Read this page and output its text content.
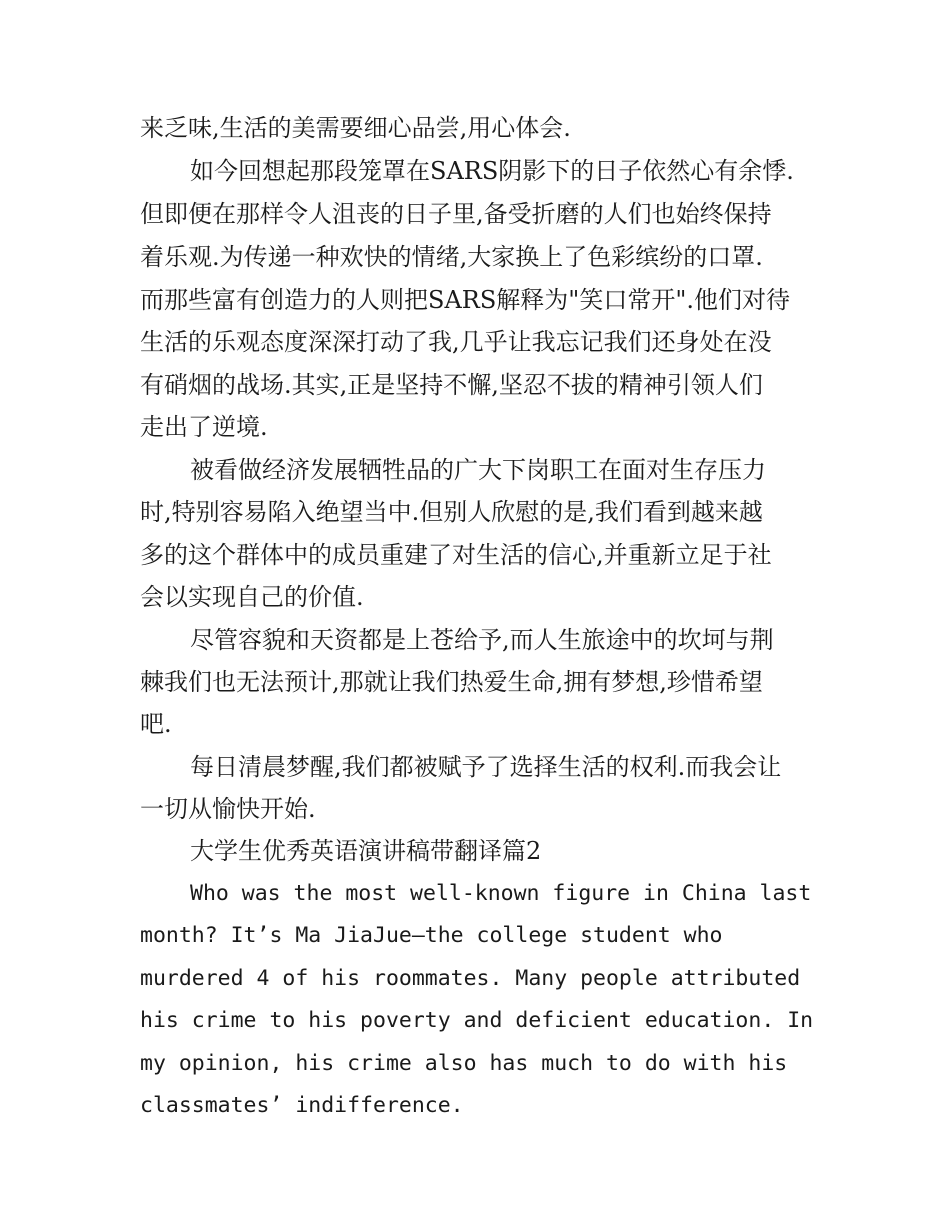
来乏味,生活的美需要细心品尝,用心体会.
如今回想起那段笼罩在SARS阴影下的日子依然心有余悸.
但即便在那样令人沮丧的日子里,备受折磨的人们也始终保持
着乐观.为传递一种欢快的情绪,大家换上了色彩缤纷的口罩.
而那些富有创造力的人则把SARS解释为"笑口常开".他们对待
生活的乐观态度深深打动了我,几乎让我忘记我们还身处在没
有硝烟的战场.其实,正是坚持不懈,坚忍不拔的精神引领人们
走出了逆境.
被看做经济发展牺牲品的广大下岗职工在面对生存压力
时,特别容易陷入绝望当中.但别人欣慰的是,我们看到越来越
多的这个群体中的成员重建了对生活的信心,并重新立足于社
会以实现自己的价值.
尽管容貌和天资都是上苍给予,而人生旅途中的坎坷与荆
棘我们也无法预计,那就让我们热爱生命,拥有梦想,珍惜希望
吧.
每日清晨梦醒,我们都被赋予了选择生活的权利.而我会让
一切从愉快开始.
大学生优秀英语演讲稿带翻译篇2
Who was the most well-known figure in China last
month? It’s Ma JiaJue—the college student who
murdered 4 of his roommates. Many people attributed
his crime to his poverty and deficient education. In
my opinion, his crime also has much to do with his
classmates’ indifference.
